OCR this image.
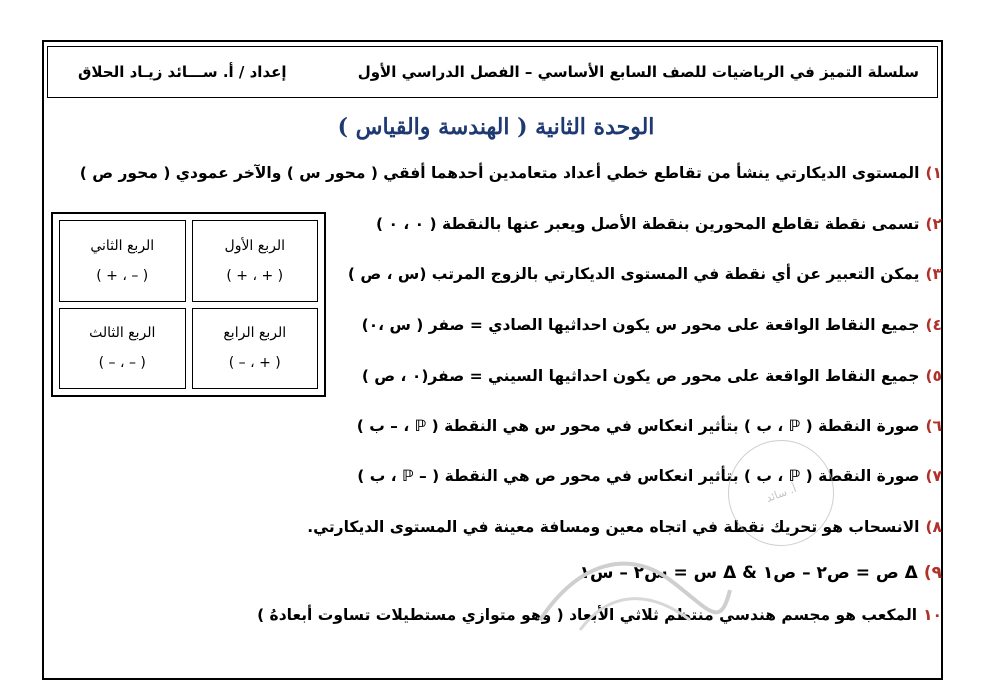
سلسلة التميز في الرياضيات للصف السابع الأساسي – الفصل الدراسي الأول
إعداد / أ. ســـائد زيـاد الحلاق
الوحدة الثانية ( الهندسة والقياس )
١)المستوى الديكارتي ينشأ من تقاطع خطي أعداد متعامدين أحدهما أفقي ( محور س ) والآخر عمودي ( محور ص )
٢)تسمى نقطة تقاطع المحورين بنقطة الأصل ويعبر عنها بالنقطة ( ٠ ، ٠ )
٣)يمكن التعبير عن أي نقطة في المستوى الديكارتي بالزوج المرتب (س ، ص )
٤)جميع النقاط الواقعة على محور س يكون احداثيها الصادي = صفر ( س ،٠)
٥)جميع النقاط الواقعة على محور ص يكون احداثيها السيني = صفر(٠ ، ص )
٦)صورة النقطة ( ℙ ، ب ) بتأثير انعكاس في محور س هي النقطة ( ℙ ، – ب )
٧)صورة النقطة ( ℙ ، ب ) بتأثير انعكاس في محور ص هي النقطة ( – ℙ ، ب )
٨)الانسحاب هو تحريك نقطة في اتجاه معين ومسافة معينة في المستوى الديكارتي.
٩)Δ ص = ص٢ – ص١ & Δ س = س٢ – س١
١٠المكعب هو مجسم هندسي منتظم ثلاثي الأبعاد ( وهو متوازي مستطيلات تساوت أبعادهُ )
الربع الأول
( + ، + )
الربع الثاني
( – ، + )
الربع الرابع
( + ، – )
الربع الثالث
( – ، – )
أ. سائد
